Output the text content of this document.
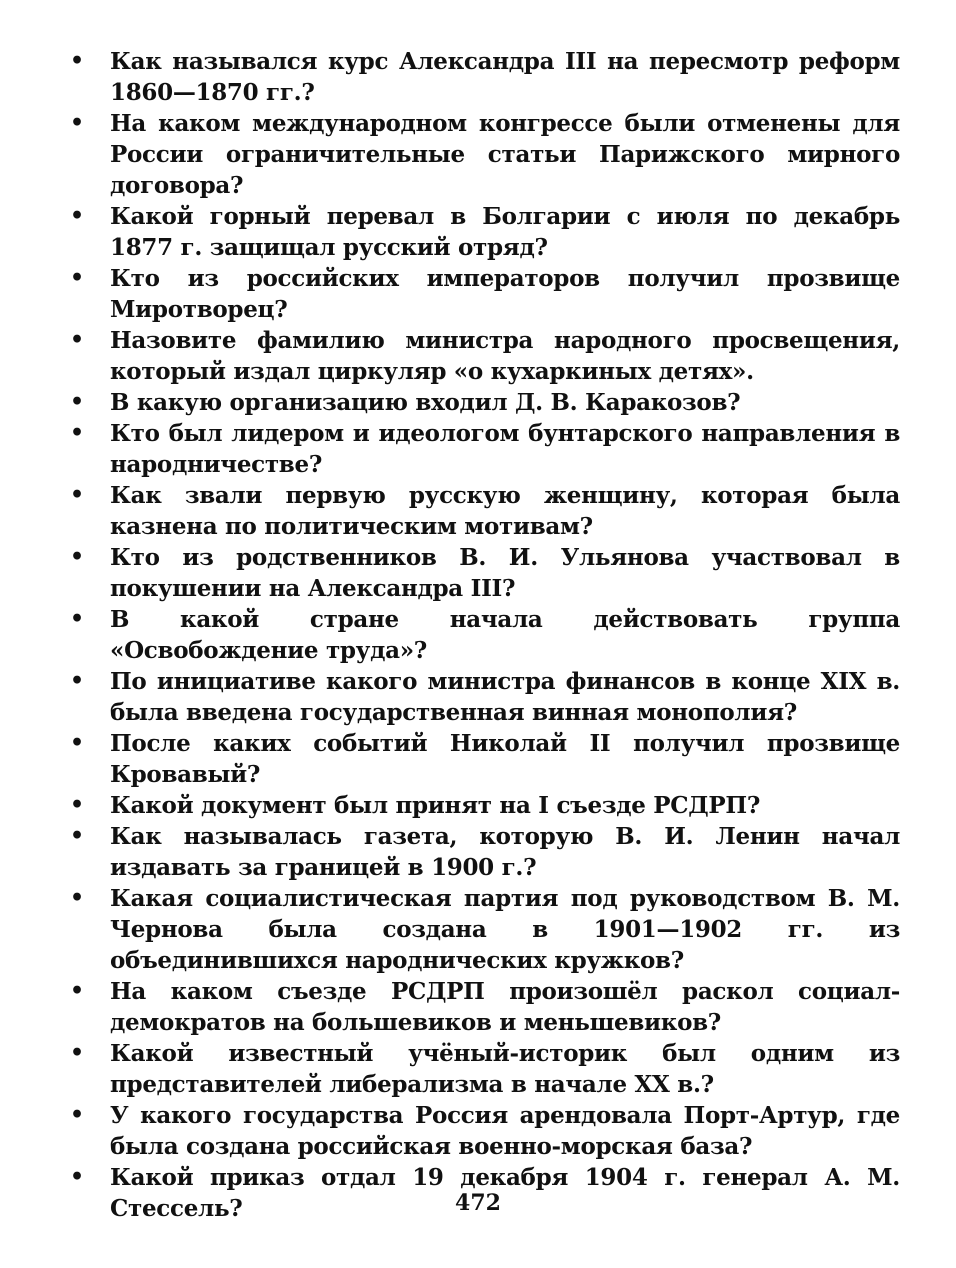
• Как назывался курс Александра III на пересмотр реформ 1860—1870 гг.?
• На каком международном конгрессе были отменены для России ограничительные статьи Парижского мирного договора?
• Какой горный перевал в Болгарии с июля по декабрь 1877 г. защищал русский отряд?
• Кто из российских императоров получил прозвище Миротворец?
• Назовите фамилию министра народного просвещения, который издал циркуляр «о кухаркиных детях».
• В какую организацию входил Д. В. Каракозов?
• Кто был лидером и идеологом бунтарского направления в народничестве?
• Как звали первую русскую женщину, которая была казнена по политическим мотивам?
• Кто из родственников В. И. Ульянова участвовал в покушении на Александра III?
• В какой стране начала действовать группа «Освобождение труда»?
• По инициативе какого министра финансов в конце XIX в. была введена государственная винная монополия?
• После каких событий Николай II получил прозвище Кровавый?
• Какой документ был принят на I съезде РСДРП?
• Как называлась газета, которую В. И. Ленин начал издавать за границей в 1900 г.?
• Какая социалистическая партия под руководством В. М. Чернова была создана в 1901—1902 гг. из объединившихся народнических кружков?
• На каком съезде РСДРП произошёл раскол социал-демократов на большевиков и меньшевиков?
• Какой известный учёный-историк был одним из представителей либерализма в начале XX в.?
• У какого государства Россия арендовала Порт-Артур, где была создана российская военно-морская база?
• Какой приказ отдал 19 декабря 1904 г. генерал А. М. Стессель?	472
